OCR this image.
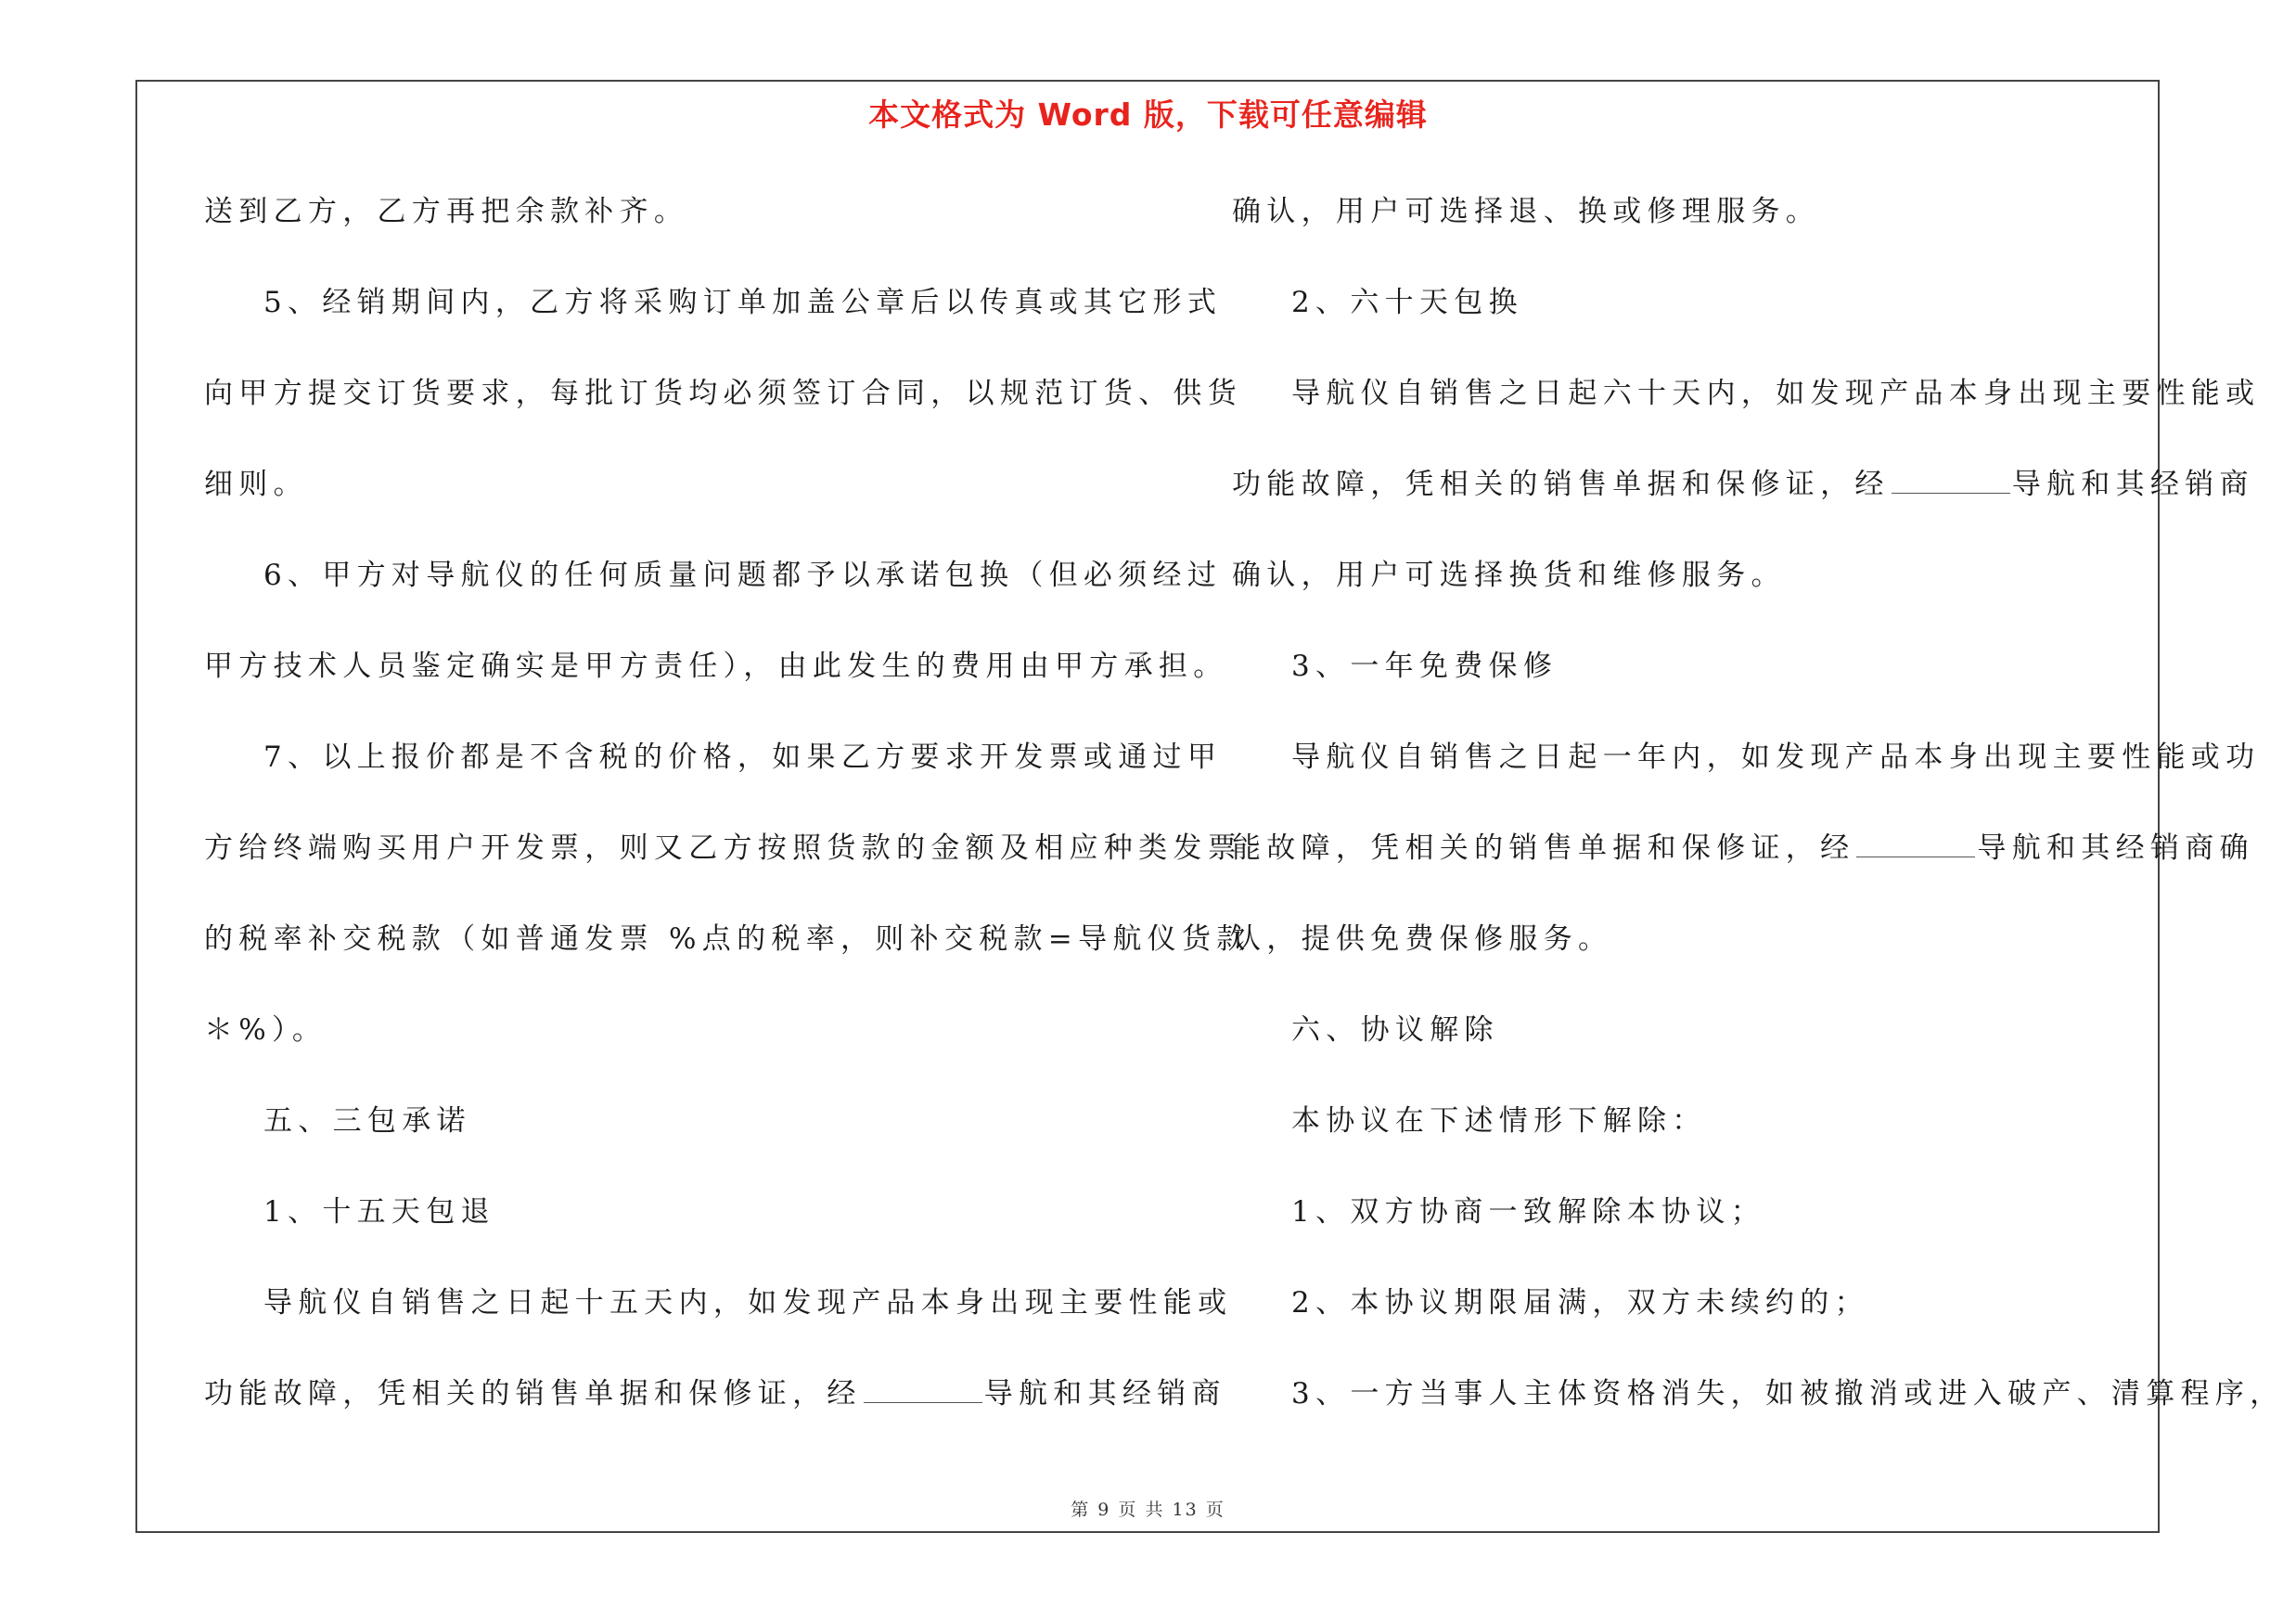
本文格式为 Word 版，下载可任意编辑
送到乙方，乙方再把余款补齐。
5、经销期间内，乙方将采购订单加盖公章后以传真或其它形式
向甲方提交订货要求，每批订货均必须签订合同，以规范订货、供货
细则。
6、甲方对导航仪的任何质量问题都予以承诺包换（但必须经过
甲方技术人员鉴定确实是甲方责任），由此发生的费用由甲方承担。
7、以上报价都是不含税的价格，如果乙方要求开发票或通过甲
方给终端购买用户开发票，则又乙方按照货款的金额及相应种类发票
的税率补交税款（如普通发票 %点的税率，则补交税款=导航仪货款
＊%）。
五、三包承诺
1、十五天包退
导航仪自销售之日起十五天内，如发现产品本身出现主要性能或
功能故障，凭相关的销售单据和保修证，经	导航和其经销商
确认，用户可选择退、换或修理服务。
2、六十天包换
导航仪自销售之日起六十天内，如发现产品本身出现主要性能或
功能故障，凭相关的销售单据和保修证，经	导航和其经销商
确认，用户可选择换货和维修服务。
3、一年免费保修
导航仪自销售之日起一年内，如发现产品本身出现主要性能或功
能故障，凭相关的销售单据和保修证，经	导航和其经销商确
认，提供免费保修服务。
六、协议解除
本协议在下述情形下解除：
1、双方协商一致解除本协议；
2、本协议期限届满，双方未续约的；
3、一方当事人主体资格消失，如被撤消或进入破产、清算程序，
第 9 页 共 13 页
